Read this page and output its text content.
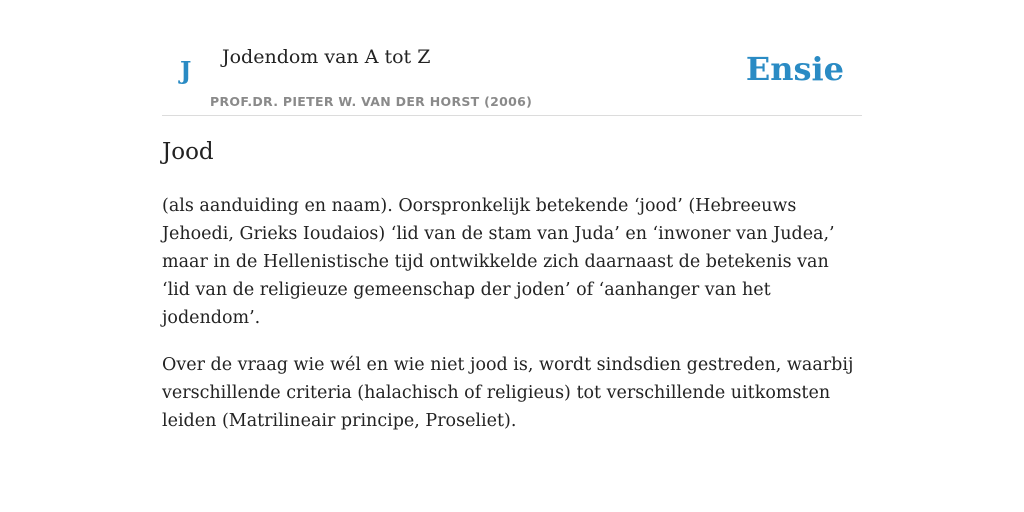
J Jodendom van A tot Z
PROF.DR. PIETER W. VAN DER HORST (2006)
Ensie
Jood

(als aanduiding en naam). Oorspronkelijk betekende ‘jood’ (Hebreeuws Jehoedi, Grieks Ioudaios) ‘lid van de stam van Juda’ en ‘inwoner van Judea,’ maar in de Hellenistische tijd ontwikkelde zich daarnaast de betekenis van ‘lid van de religieuze gemeenschap der joden’ of ‘aanhanger van het jodendom’.

Over de vraag wie wél en wie niet jood is, wordt sindsdien gestreden, waarbij verschillende criteria (halachisch of religieus) tot verschillende uitkomsten leiden (Matrilineair principe, Proseliet).
